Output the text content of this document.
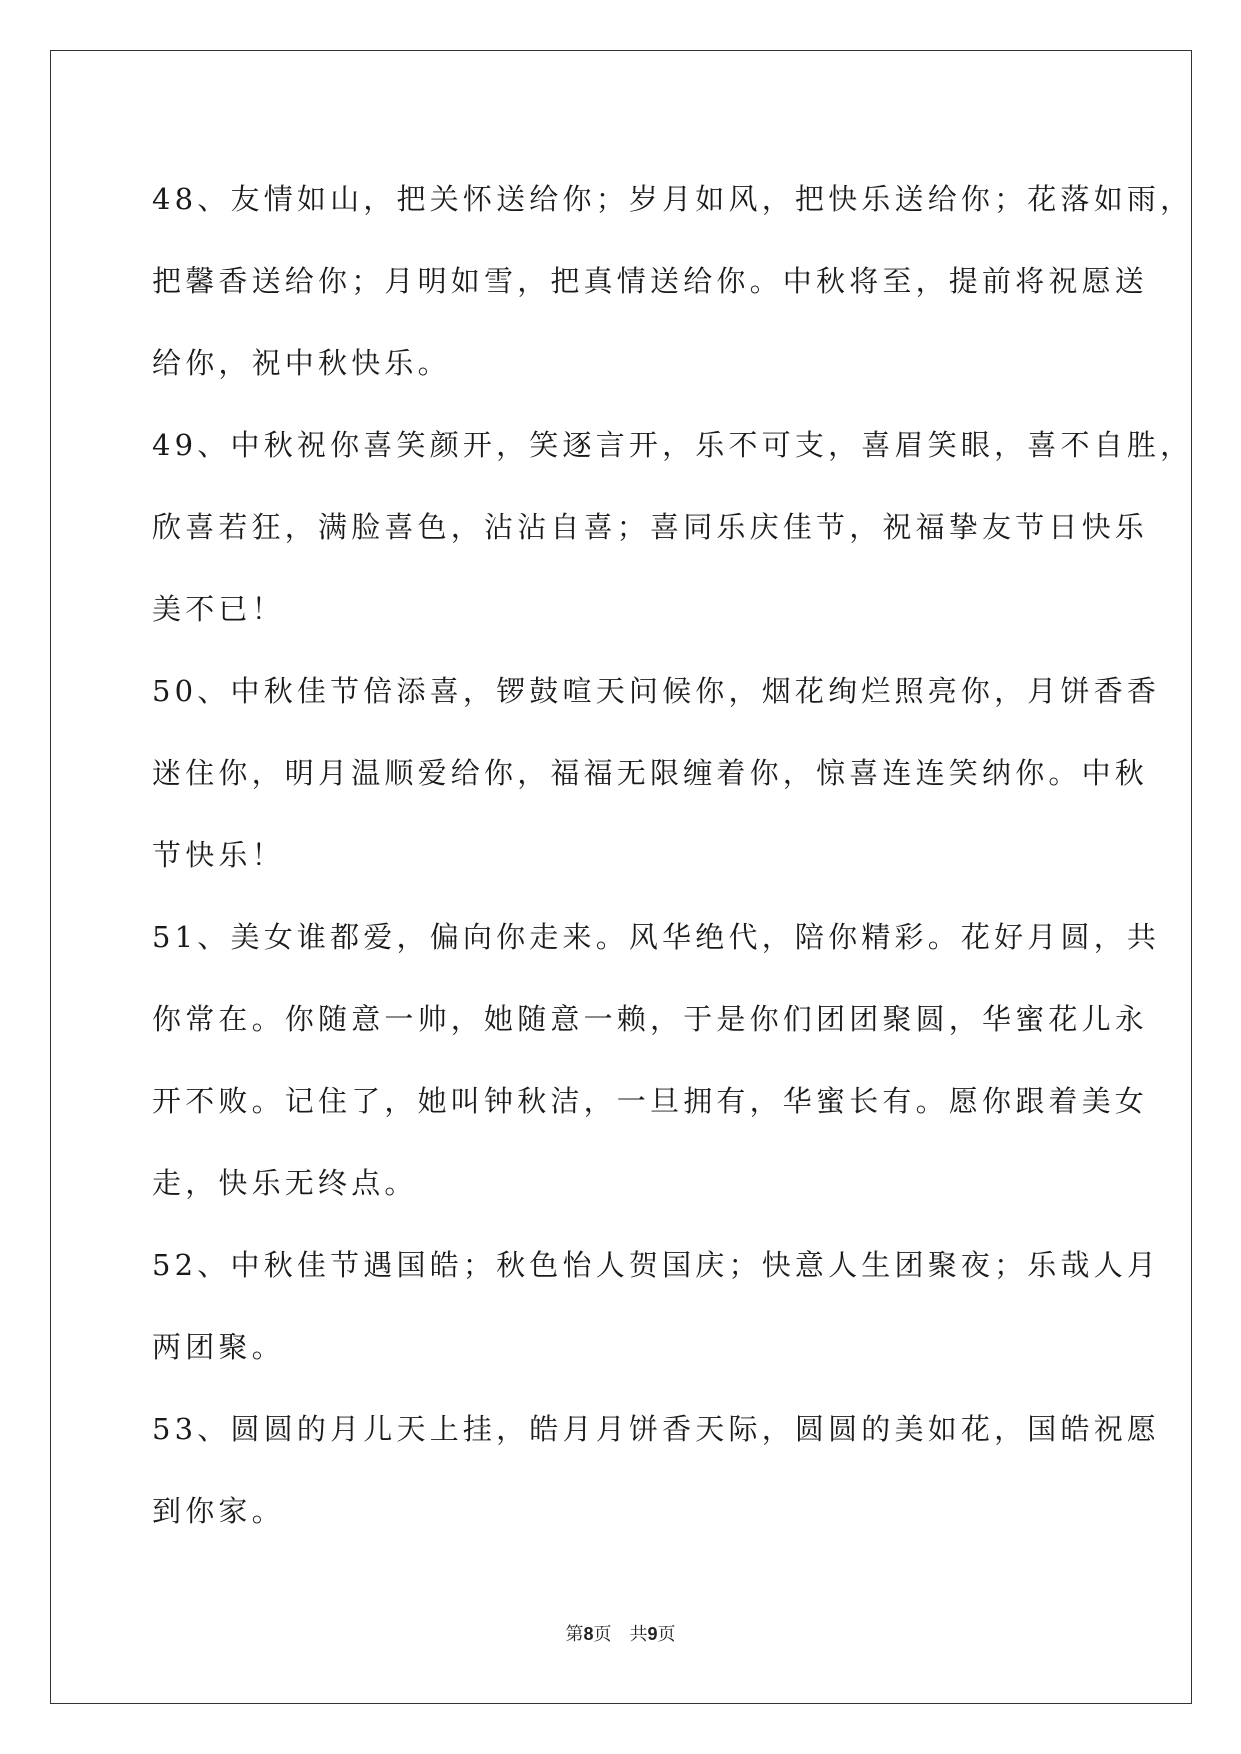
48、友情如山，把关怀送给你；岁月如风，把快乐送给你；花落如雨，
把馨香送给你；月明如雪，把真情送给你。中秋将至，提前将祝愿送
给你，祝中秋快乐。

49、中秋祝你喜笑颜开，笑逐言开，乐不可支，喜眉笑眼，喜不自胜，
欣喜若狂，满脸喜色，沾沾自喜；喜同乐庆佳节，祝福挚友节日快乐
美不已！

50、中秋佳节倍添喜，锣鼓喧天问候你，烟花绚烂照亮你，月饼香香
迷住你，明月温顺爱给你，福福无限缠着你，惊喜连连笑纳你。中秋
节快乐！

51、美女谁都爱，偏向你走来。风华绝代，陪你精彩。花好月圆，共
你常在。你随意一帅，她随意一赖，于是你们团团聚圆，华蜜花儿永
开不败。记住了，她叫钟秋洁，一旦拥有，华蜜长有。愿你跟着美女
走，快乐无终点。

52、中秋佳节遇国皓；秋色怡人贺国庆；快意人生团聚夜；乐哉人月
两团聚。

53、圆圆的月儿天上挂，皓月月饼香天际，圆圆的美如花，国皓祝愿
到你家。

第8页 共9页
